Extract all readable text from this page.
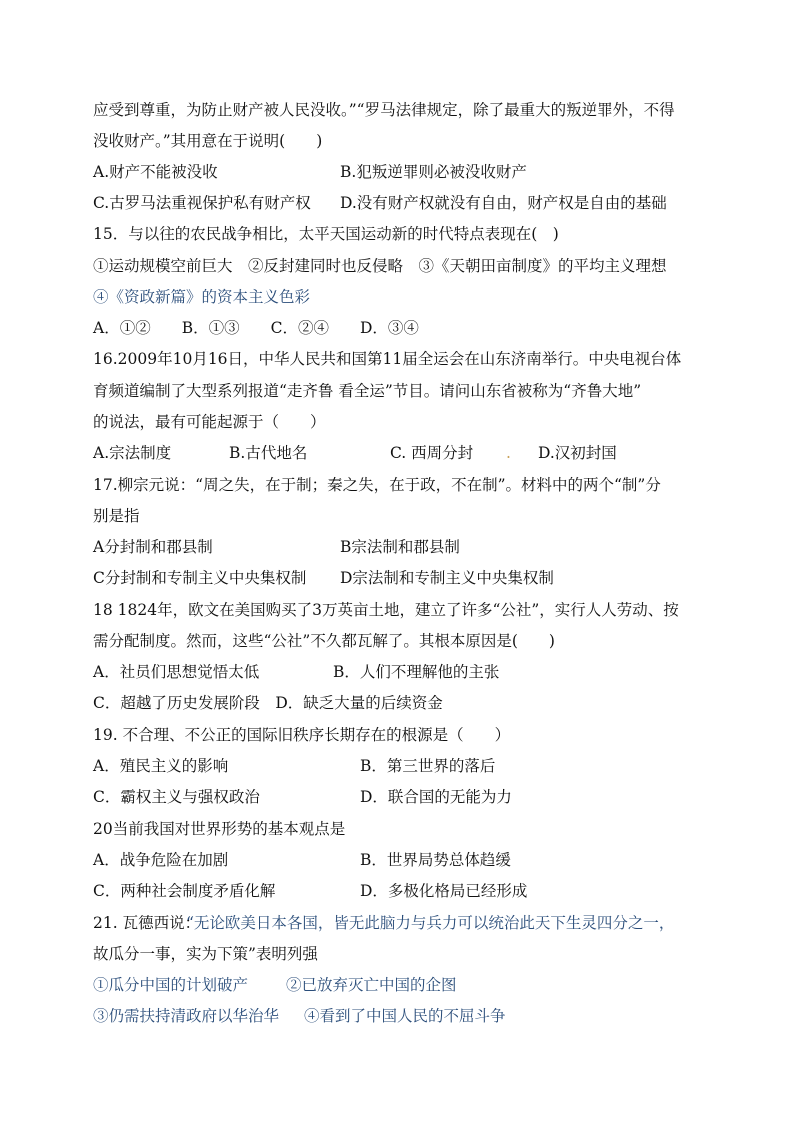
应受到尊重，为防止财产被人民没收。”“罗马法律规定，除了最重大的叛逆罪外，不得
没收财产。”其用意在于说明(　　)
A.财产不能被没收	B.犯叛逆罪则必被没收财产
C.古罗马法重视保护私有财产权 D.没有财产权就没有自由，财产权是自由的基础
15．与以往的农民战争相比，太平天国运动新的时代特点表现在(　)
①运动规模空前巨大　②反封建同时也反侵略　③《天朝田亩制度》的平均主义理想
④《资政新篇》的资本主义色彩
A．①②　　B．①③　　C．②④　　D．③④
16.2009年10月16日，中华人民共和国第11届全运会在山东济南举行。中央电视台体
育频道编制了大型系列报道“走齐鲁 看全运”节目。请问山东省被称为“齐鲁大地”
的说法，最有可能起源于（　　）
A.宗法制度	B.古代地名	C. 西周分封 . D.汉初封国
17.柳宗元说：“周之失，在于制；秦之失，在于政，不在制”。材料中的两个“制”分
别是指
A分封制和郡县制	B宗法制和郡县制
C分封制和专制主义中央集权制 D宗法制和专制主义中央集权制
18 1824年，欧文在美国购买了3万英亩土地，建立了许多“公社”，实行人人劳动、按
需分配制度。然而，这些“公社”不久都瓦解了。其根本原因是(　　)
A．社员们思想觉悟太低	B．人们不理解他的主张
C．超越了历史发展阶段　D．缺乏大量的后续资金
19. 不合理、不公正的国际旧秩序长期存在的根源是（　　）
A．殖民主义的影响	B．第三世界的落后
C．霸权主义与强权政治	D．联合国的无能为力
20当前我国对世界形势的基本观点是
A．战争危险在加剧	B．世界局势总体趋缓
C．两种社会制度矛盾化解	D．多极化格局已经形成
21. 瓦德西说：
“无论欧美日本各国，皆无此脑力与兵力可以统治此天下生灵四分之一，
故瓜分一事，实为下策”表明列强
①瓜分中国的计划破产 ②已放弃灭亡中国的企图
③仍需扶持清政府以华治华 ④看到了中国人民的不屈斗争
